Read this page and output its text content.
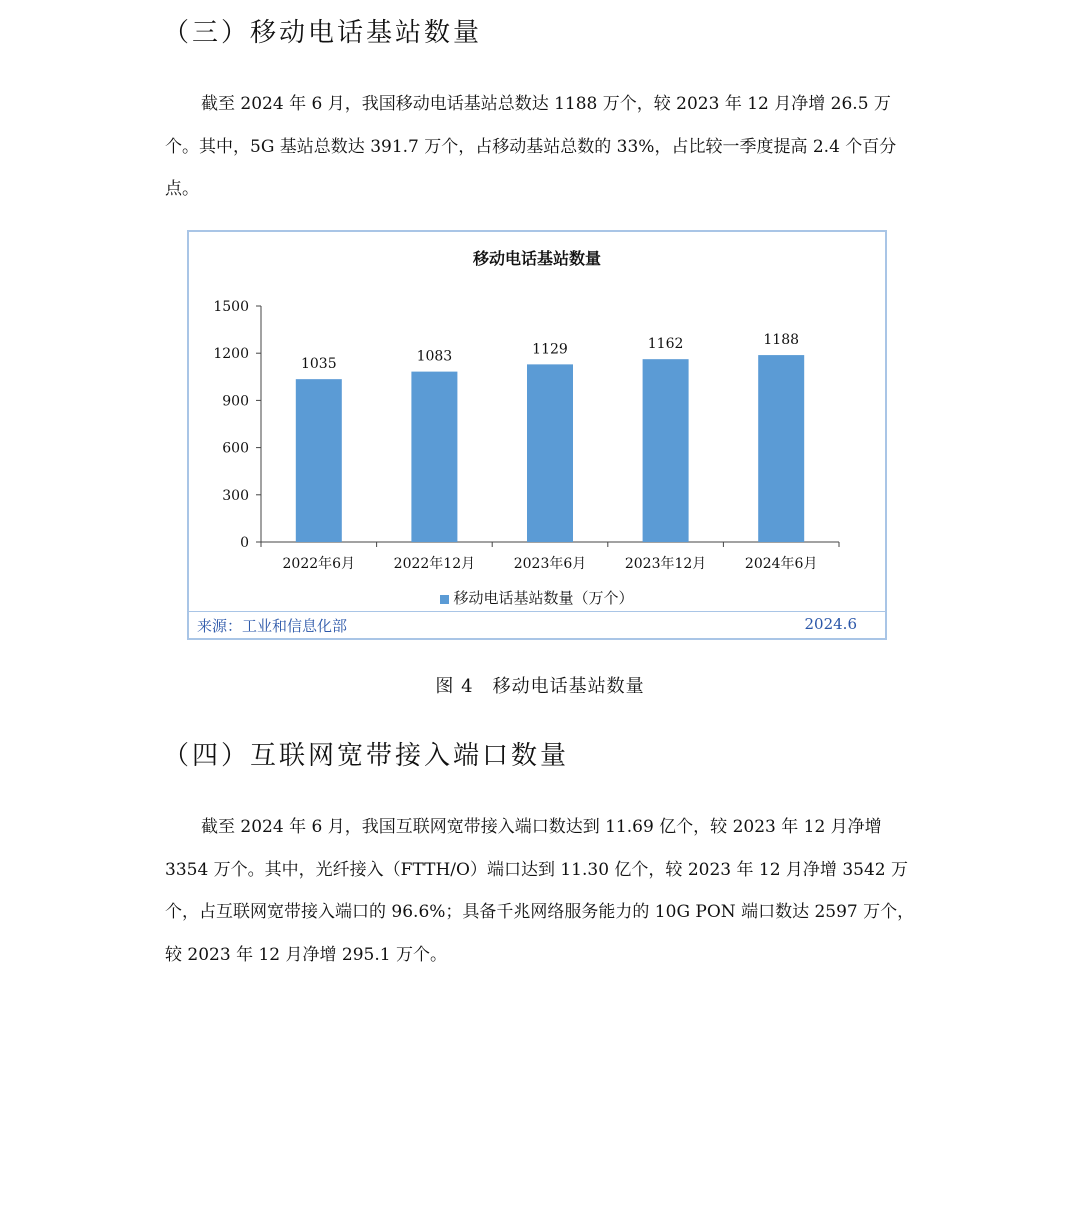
（三）移动电话基站数量

截至 2024 年 6 月，我国移动电话基站总数达 1188 万个，较 2023 年 12 月净增 26.5 万个。其中，5G 基站总数达 391.7 万个，占移动基站总数的 33%，占比较一季度提高 2.4 个百分点。

移动电话基站数量
0
300
600
900
1200
1500
1035
2022年6月
1083
2022年12月
1129
2023年6月
1162
2023年12月
1188
2024年6月
移动电话基站数量（万个）
来源：工业和信息化部	2024.6
图 4　移动电话基站数量
（四）互联网宽带接入端口数量

截至 2024 年 6 月，我国互联网宽带接入端口数达到 11.69 亿个，较 2023 年 12 月净增 3354 万个。其中，光纤接入（FTTH/O）端口达到 11.30 亿个，较 2023 年 12 月净增 3542 万个，占互联网宽带接入端口的 96.6%；具备千兆网络服务能力的 10G PON 端口数达 2597 万个，较 2023 年 12 月净增 295.1 万个。
